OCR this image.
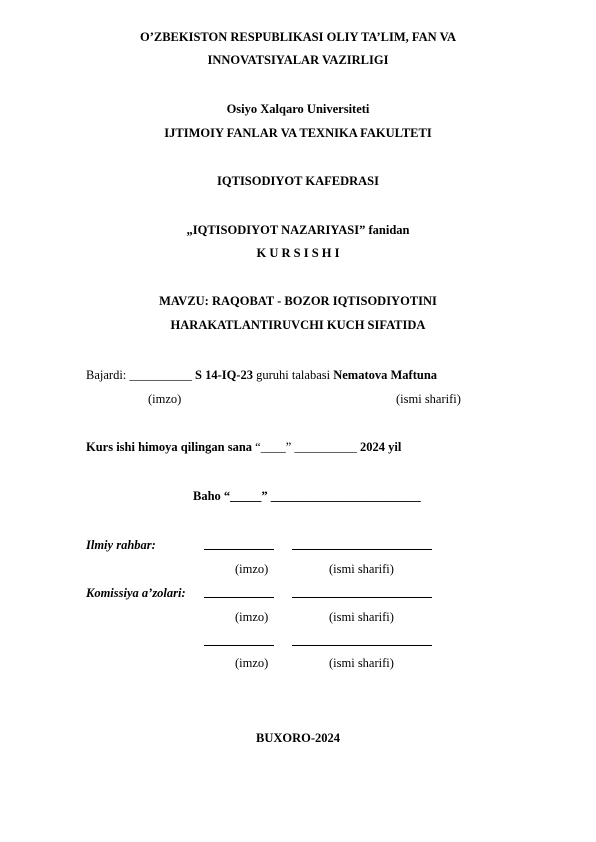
O’ZBEKISTON RESPUBLIKASI OLIY TA’LIM, FAN VA
INNOVATSIYALAR VAZIRLIGI
Osiyo Xalqaro Universiteti
IJTIMOIY FANLAR VA TEXNIKA FAKULTETI
IQTISODIYOT KAFEDRASI
„IQTISODIYOT NAZARIYASI” fanidan
K U R S I S H I
MAVZU: RAQOBAT - BOZOR IQTISODIYOTINI
HARAKATLANTIRUVCHI KUCH SIFATIDA
Bajardi: __________ S 14-IQ-23 guruhi talabasi Nematova Maftuna
(imzo)	(ismi sharifi)
Kurs ishi himoya qilingan sana “____” __________ 2024 yil
Baho “_____” ________________________
Ilmiy rahbar:
(imzo)	(ismi sharifi)
Komissiya a’zolari:
(imzo)	(ismi sharifi)
(imzo)	(ismi sharifi)
BUXORO-2024
